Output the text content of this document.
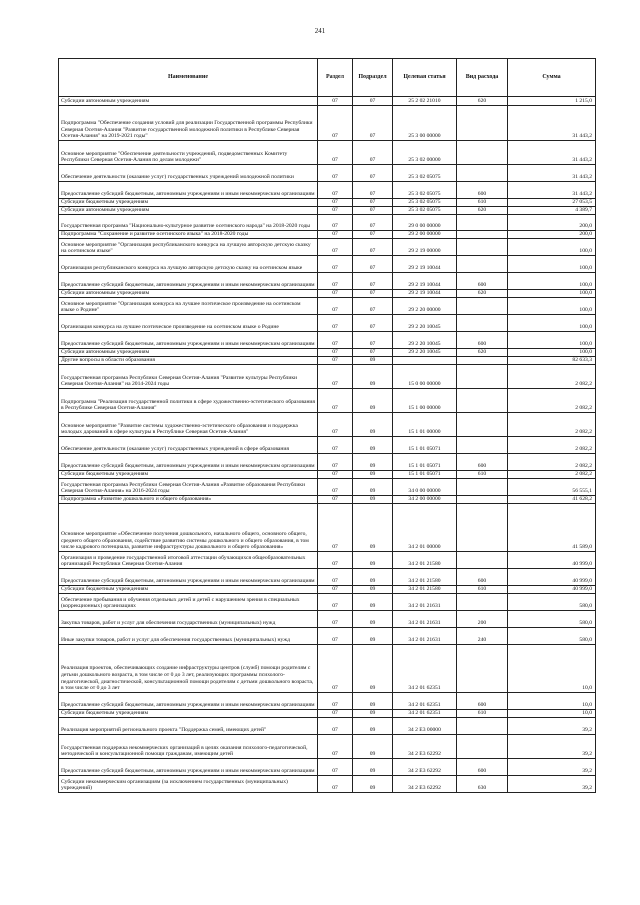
241
Наименование	Раздел	Подраздел	Целевая статья	Вид расхода	Сумма
Субсидии автономным учреждениям	07	07	25 2 02 21010	620	1 215,0
Подпрограмма "Обеспечение создания условий для реализации Государственной программы Республики Северная Осетия-Алания "Развитие государственной молодежной политики в Республике Северная Осетия-Алания" на 2019-2021 годы"	07	07	25 3 00 00000		31 443,2
Основное мероприятие "Обеспечение деятельности учреждений, подведомственных Комитету Республики Северная Осетия-Алания по делам молодежи"	07	07	25 3 02 00000		31 443,2
Обеспечение деятельности (оказание услуг) государственных учреждений молодежной политики	07	07	25 3 02 05075		31 443,2
Предоставление субсидий бюджетным, автономным учреждениям и иным некоммерческим организациям	07	07	25 3 02 05075	600	31 443,2
Субсидии бюджетным учреждениям	07	07	25 3 02 05075	610	27 053,5
Субсидии автономным учреждениям	07	07	25 3 02 05075	620	4 389,7
Государственная программа "Национально-культурное развитие осетинского народа" на 2018-2020 годы	07	07	29 0 00 00000		200,0
Подпрограмма "Сохранение и развитие осетинского языка" на 2018-2020 годы	07	07	29 2 00 00000		200,0
Основное мероприятие "Организация республиканского конкурса на лучшую авторскую детскую сказку на осетинском языке"	07	07	29 2 19 00000		100,0
Организация республиканского конкурса на лучшую авторскую детскую сказку на осетинском языке	07	07	29 2 19 10044		100,0
Предоставление субсидий бюджетным, автономным учреждениям и иным некоммерческим организациям	07	07	29 2 19 10044	600	100,0
Субсидии автономным учреждениям	07	07	29 2 19 10044	620	100,0
Основное мероприятие "Организация конкурса на лучшее поэтическое произведение на осетинском языке о Родине"	07	07	29 2 20 00000		100,0
Организация конкурса на лучшее поэтическое произведение на осетинском языке о Родине	07	07	29 2 20 10045		100,0
Предоставление субсидий бюджетным, автономным учреждениям и иным некоммерческим организациям	07	07	29 2 20 10045	600	100,0
Субсидии автономным учреждениям	07	07	29 2 20 10045	620	100,0
Другие вопросы в области образования	07	09			82 633,3
Государственная программа Республики Северная Осетия-Алания "Развитие культуры Республики Северная Осетия-Алания" на 2014-2024 годы	07	09	15 0 00 00000		2 082,2
Подпрограмма "Реализация государственной политики в сфере художественно-эстетического образования в Республике Северная Осетия-Алания"	07	09	15 1 00 00000		2 082,2
Основное мероприятие "Развитие системы художественно-эстетического образования и поддержка молодых дарований в сфере культуры в Республике Северная Осетия-Алания"	07	09	15 1 01 00000		2 082,2
Обеспечение деятельности (оказание услуг) государственных учреждений в сфере образования	07	09	15 1 01 05071		2 082,2
Предоставление субсидий бюджетным, автономным учреждениям и иным некоммерческим организациям	07	09	15 1 01 05071	600	2 082,2
Субсидии бюджетным учреждениям	07	09	15 1 01 05071	610	2 082,2
Государственная программа Республики Северная Осетия-Алания «Развитие образования Республики Северная Осетия-Алания» на 2016-2024 годы	07	09	34 0 00 00000		56 555,1
Подпрограмма «Развитие дошкольного и общего образования»	07	09	34 2 00 00000		41 628,2
Основное мероприятие «Обеспечение получения дошкольного, начального общего, основного общего, среднего общего образования, содействие развитию системы дошкольного и общего образования, в том числе кадрового потенциала, развитие инфраструктуры дошкольного и общего образования»	07	09	34 2 01 00000		41 589,0
Организация и проведение государственной итоговой аттестации обучающихся общеобразовательных организаций Республики Северная Осетия-Алания	07	09	34 2 01 21580		40 999,0
Предоставление субсидий бюджетным, автономным учреждениям и иным некоммерческим организациям	07	09	34 2 01 21580	600	40 999,0
Субсидии бюджетным учреждениям	07	09	34 2 01 21580	610	40 999,0
Обеспечение пребывания и обучения отдельных детей и детей с нарушением зрения в специальных (коррекционных) организациях	07	09	34 2 01 21631		580,0
Закупка товаров, работ и услуг для обеспечения государственных (муниципальных) нужд	07	09	34 2 01 21631	200	580,0
Иные закупки товаров, работ и услуг для обеспечения государственных (муниципальных) нужд	07	09	34 2 01 21631	240	580,0
Реализация проектов, обеспечивающих создание инфраструктуры центров (служб) помощи родителям с детьми дошкольного возраста, в том числе от 0 до 3 лет, реализующих программы психолого-педагогической, диагностической, консультационной помощи родителям с детьми дошкольного возраста, в том числе от 0 до 3 лет	07	09	34 2 01 62351		10,0
Предоставление субсидий бюджетным, автономным учреждениям и иным некоммерческим организациям	07	09	34 2 01 62351	600	10,0
Субсидии бюджетным учреждениям	07	09	34 2 01 62351	610	10,0
Реализация мероприятий регионального проекта "Поддержка семей, имеющих детей"	07	09	34 2 E3 00000		39,2
Государственная поддержка некоммерческих организаций в целях оказания психолого-педагогической, методической и консультационной помощи гражданам, имеющим детей	07	09	34 2 E3 62292		39,2
Предоставление субсидий бюджетным, автономным учреждениям и иным некоммерческим организациям	07	09	34 2 E3 62292	600	39,2
Субсидии некоммерческим организациям (за исключением государственных (муниципальных) учреждений)	07	09	34 2 E3 62292	630	39,2
